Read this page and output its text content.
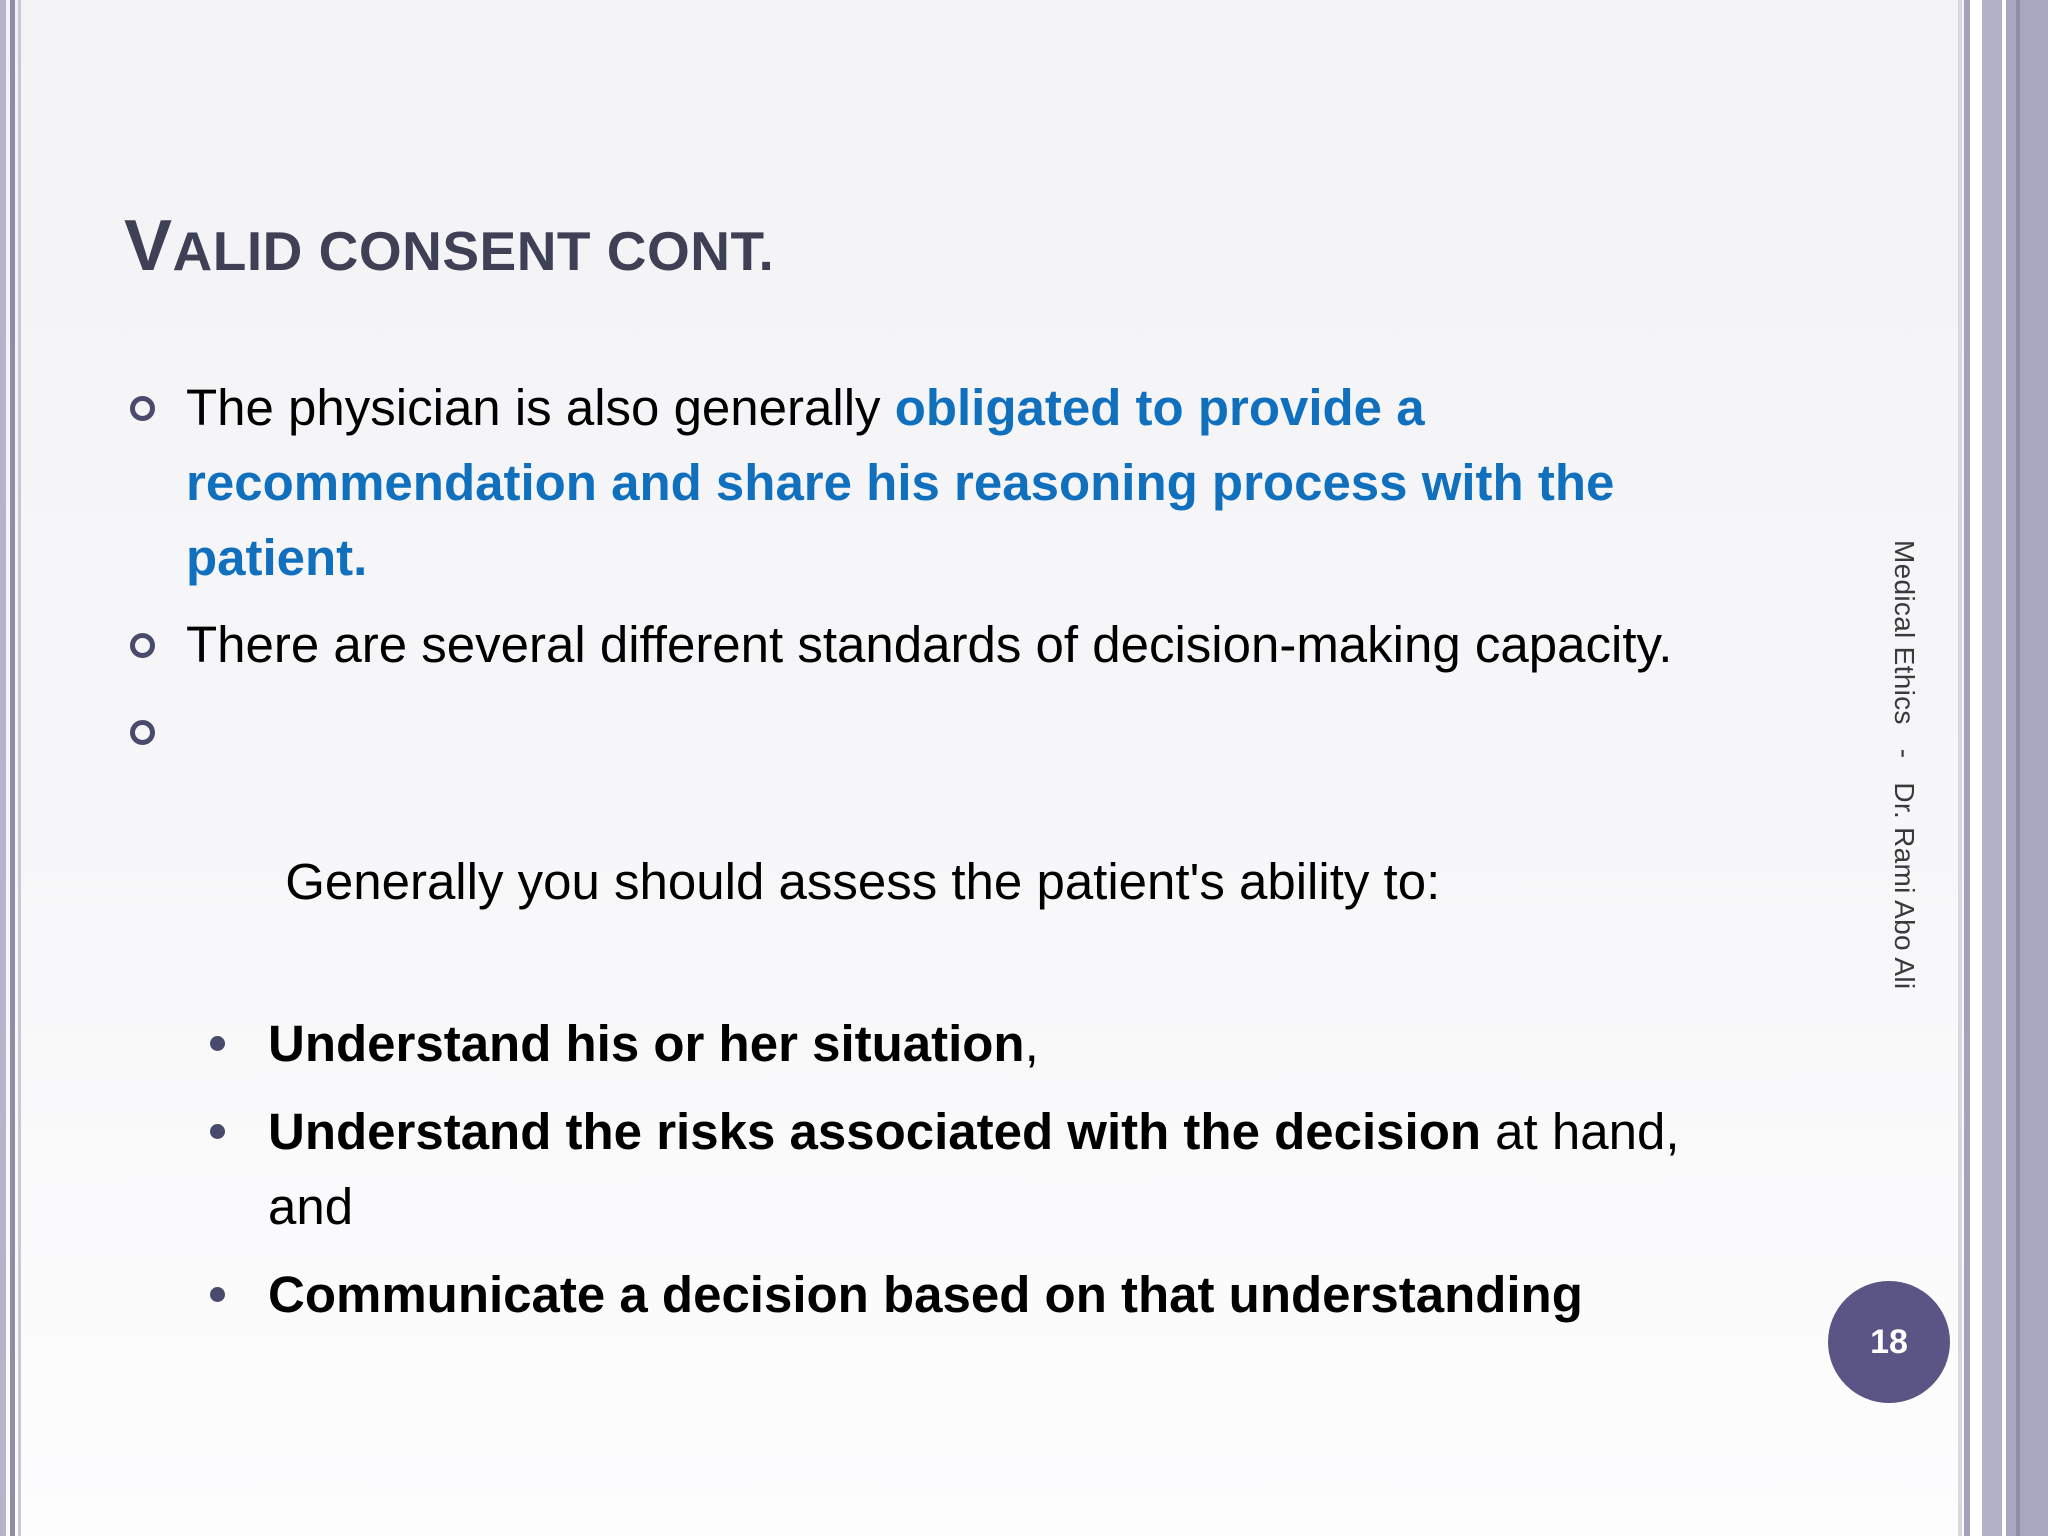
VALID CONSENT CONT.
The physician is also generally obligated to provide a recommendation and share his reasoning process with the patient.
There are several different standards of decision-making capacity.

Generally you should assess the patient's ability to:

Understand his or her situation,
Understand the risks associated with the decision at hand, and
Communicate a decision based on that understanding
Medical Ethics-Dr. Rami Abo Ali
18
